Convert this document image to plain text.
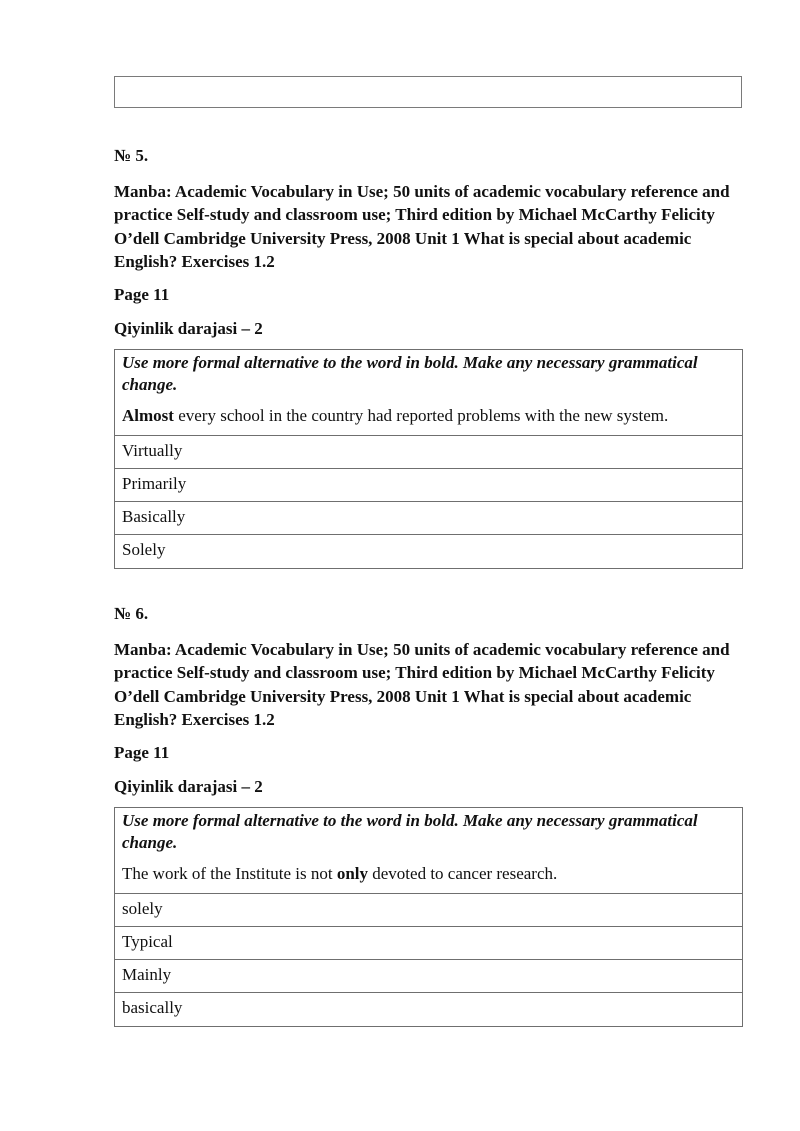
№ 5.

Manba: Academic Vocabulary in Use; 50 units of academic vocabulary reference and practice Self-study and classroom use; Third edition by Michael McCarthy Felicity O’dell Cambridge University Press, 2008 Unit 1 What is special about academic English? Exercises 1.2

Page 11

Qiyinlik darajasi – 2

Use more formal alternative to the word in bold. Make any necessary grammatical change.

Almost every school in the country had reported problems with the new system.

Virtually
Primarily
Basically
Solely

№ 6.

Manba: Academic Vocabulary in Use; 50 units of academic vocabulary reference and practice Self-study and classroom use; Third edition by Michael McCarthy Felicity O’dell Cambridge University Press, 2008 Unit 1 What is special about academic English? Exercises 1.2

Page 11

Qiyinlik darajasi – 2

Use more formal alternative to the word in bold. Make any necessary grammatical change.

The work of the Institute is not only devoted to cancer research.

solely
Typical
Mainly
basically
